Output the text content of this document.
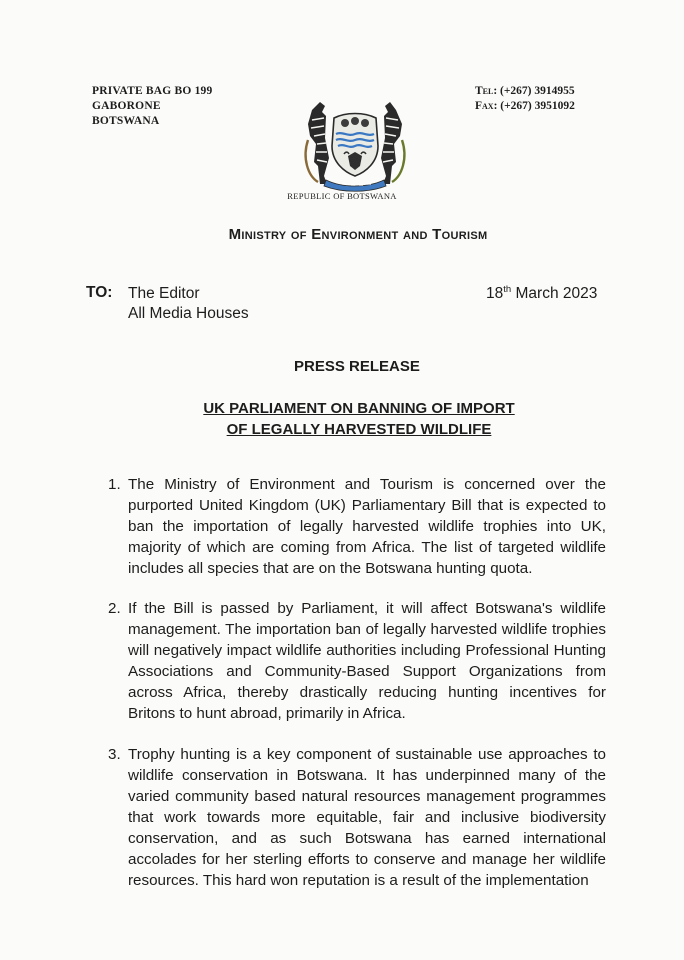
PRIVATE BAG BO 199
GABORONE
BOTSWANA
Tel: (+267) 3914955
Fax: (+267) 3951092
REPUBLIC OF BOTSWANA
Ministry of Environment and Tourism
TO: The Editor
All Media Houses
18th March 2023
PRESS RELEASE
UK PARLIAMENT ON BANNING OF IMPORT
OF LEGALLY HARVESTED WILDLIFE
1. The Ministry of Environment and Tourism is concerned over the purported United Kingdom (UK) Parliamentary Bill that is expected to ban the importation of legally harvested wildlife trophies into UK, majority of which are coming from Africa. The list of targeted wildlife includes all species that are on the Botswana hunting quota.
2. If the Bill is passed by Parliament, it will affect Botswana's wildlife management. The importation ban of legally harvested wildlife trophies will negatively impact wildlife authorities including Professional Hunting Associations and Community-Based Support Organizations from across Africa, thereby drastically reducing hunting incentives for Britons to hunt abroad, primarily in Africa.
3. Trophy hunting is a key component of sustainable use approaches to wildlife conservation in Botswana. It has underpinned many of the varied community based natural resources management programmes that work towards more equitable, fair and inclusive biodiversity conservation, and as such Botswana has earned international accolades for her sterling efforts to conserve and manage her wildlife resources. This hard won reputation is a result of the implementation
